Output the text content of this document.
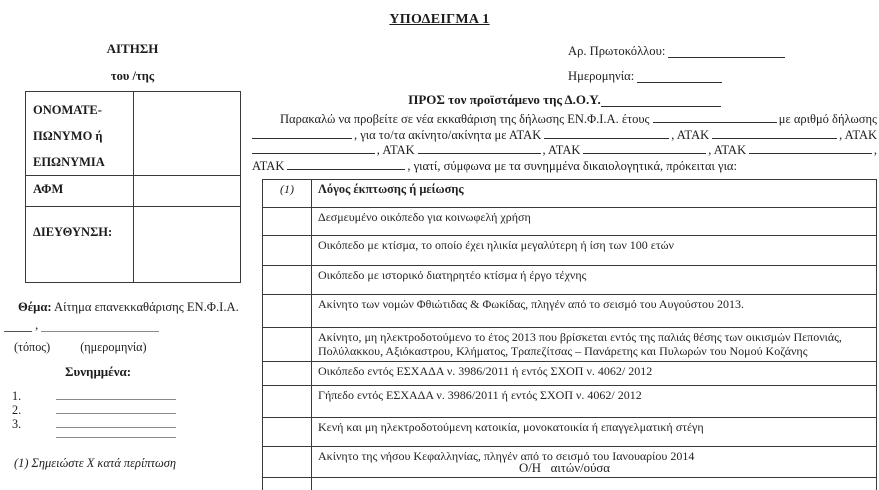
ΥΠΟΔΕΙΓΜΑ 1
Αρ. Πρωτοκόλλου:
Ημερομηνία:
ΠΡΟΣ τον προϊστάμενο της Δ.Ο.Υ.
ΑΙΤΗΣΗ
του /της
ΟΝΟΜΑΤΕ-ΠΩΝΥΜΟ ή ΕΠΩΝΥΜΙΑ	
ΑΦΜ	
ΔΙΕΥΘΥΝΣΗ:	
Θέμα: Αίτημα επανεκκαθάρισης ΕΝ.Φ.Ι.Α.
,
(τόπος) (ημερομηνία)
Συνημμένα:
1.
2.
3.
(1) Σημειώστε Χ κατά περίπτωση
Παρακαλώ να προβείτε σε νέα εκκαθάριση της δήλωσης ΕΝ.Φ.Ι.Α. έτους	με αριθμό δήλωσης
, για το/τα ακίνητο/ακίνητα με ΑΤΑΚ	, ΑΤΑΚ	, ΑΤΑΚ
, ΑΤΑΚ	, ΑΤΑΚ	, ΑΤΑΚ	,
ΑΤΑΚ	, γιατί, σύμφωνα με τα συνημμένα δικαιολογητικά, πρόκειται για:
(1)	Λόγος έκπτωσης ή μείωσης
	Δεσμευμένο οικόπεδο για κοινωφελή χρήση
	Οικόπεδο με κτίσμα, το οποίο έχει ηλικία μεγαλύτερη ή ίση των 100 ετών
	Οικόπεδο με ιστορικό διατηρητέο κτίσμα ή έργο τέχνης
	Ακίνητο των νομών Φθιώτιδας & Φωκίδας, πληγέν από το σεισμό του Αυγούστου 2013.
	Ακίνητο, μη ηλεκτροδοτούμενο το έτος 2013 που βρίσκεται εντός της παλιάς θέσης των οικισμών Πεπονιάς, Πολύλακκου, Αξιόκαστρου, Κλήματος, Τραπεζίτσας – Πανάρετης και Πυλωρών του Νομού Κοζάνης
	Οικόπεδο εντός ΕΣΧΑΔΑ ν. 3986/2011 ή εντός ΣΧΟΠ ν. 4062/ 2012
	Γήπεδο εντός ΕΣΧΑΔΑ ν. 3986/2011 ή εντός ΣΧΟΠ ν. 4062/ 2012
	Κενή και μη ηλεκτροδοτούμενη κατοικία, μονοκατοικία ή επαγγελματική στέγη
	Ακίνητο της νήσου Κεφαλληνίας, πληγέν από το σεισμό του Ιανουαρίου 2014

Ο/Η   αιτών/ούσα
